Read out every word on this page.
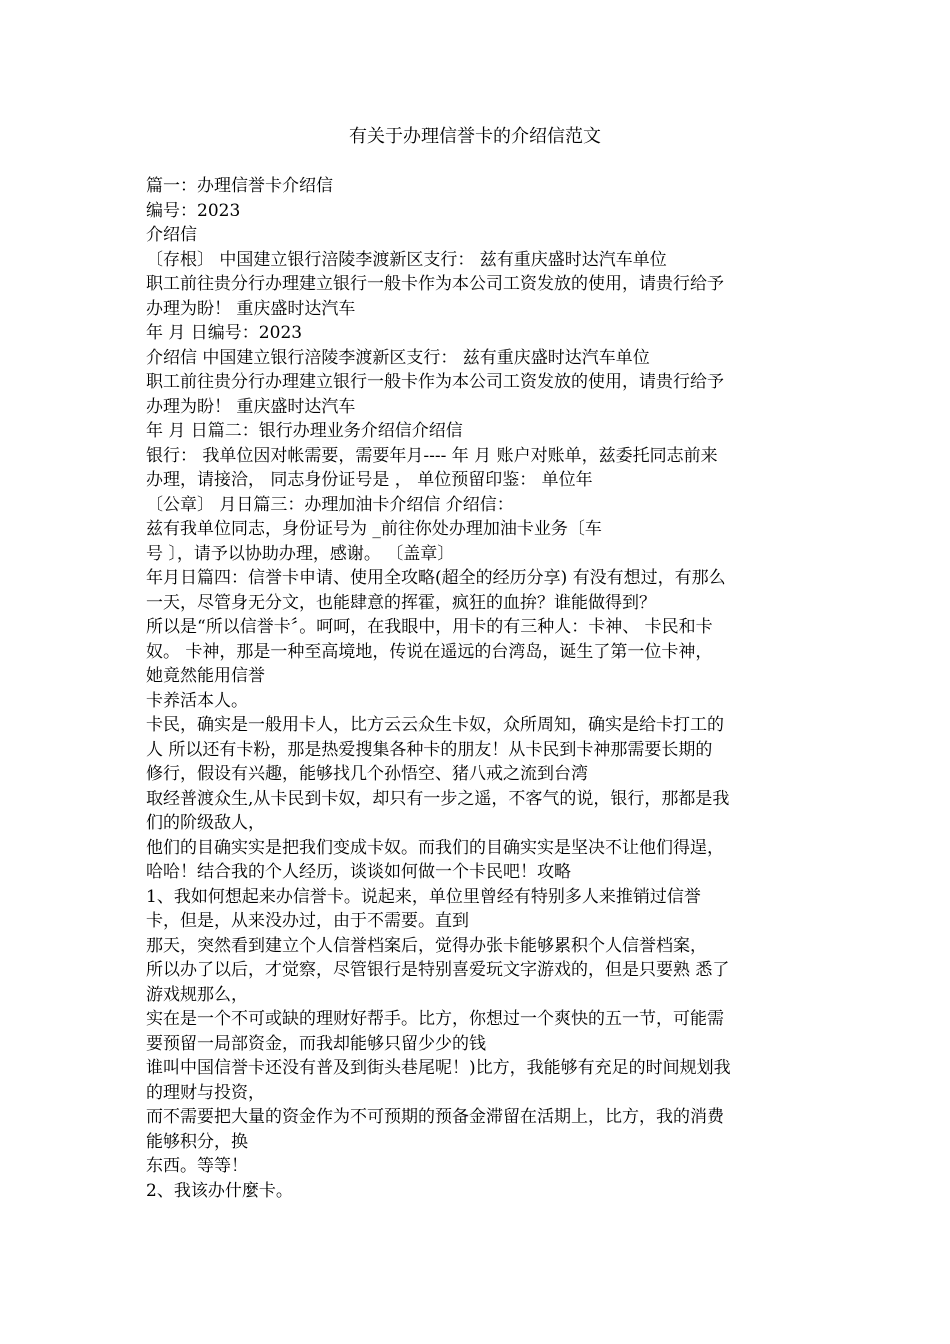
有关于办理信誉卡的介绍信范文
篇一：办理信誉卡介绍信
编号：2023
介绍信
〔存根〕 中国建立银行涪陵李渡新区支行： 兹有重庆盛时达汽车单位
职工前往贵分行办理建立银行一般卡作为本公司工资发放的使用，请贵行给予
办理为盼！ 重庆盛时达汽车
年 月 日编号：2023
介绍信 中国建立银行涪陵李渡新区支行： 兹有重庆盛时达汽车单位
职工前往贵分行办理建立银行一般卡作为本公司工资发放的使用，请贵行给予
办理为盼！ 重庆盛时达汽车
年 月 日篇二：银行办理业务介绍信介绍信
银行： 我单位因对帐需要，需要年月---- 年 月 账户对账单，兹委托同志前来
办理，请接洽， 同志身份证号是 ， 单位预留印鉴： 单位年
〔公章〕 月日篇三：办理加油卡介绍信 介绍信：
兹有我单位同志，身份证号为 _前往你处办理加油卡业务〔车
号 〕，请予以协助办理，感谢。 〔盖章〕
年月日篇四：信誉卡申请、使用全攻略(超全的经历分享) 有没有想过，有那么
一天，尽管身无分文，也能肆意的挥霍，疯狂的血拚？谁能做得到？
所以是“所以信誉卡〞。呵呵，在我眼中，用卡的有三种人：卡神、 卡民和卡
奴。 卡神，那是一种至高境地，传说在遥远的台湾岛，诞生了第一位卡神，
她竟然能用信誉
卡养活本人。
卡民，确实是一般用卡人，比方云云众生卡奴，众所周知，确实是给卡打工的
人 所以还有卡粉，那是热爱搜集各种卡的朋友！从卡民到卡神那需要长期的
修行，假设有兴趣，能够找几个孙悟空、猪八戒之流到台湾
取经普渡众生,从卡民到卡奴，却只有一步之遥，不客气的说，银行，那都是我
们的阶级敌人，
他们的目确实实是把我们变成卡奴。而我们的目确实实是坚决不让他们得逞，
哈哈！结合我的个人经历，谈谈如何做一个卡民吧！攻略
1、我如何想起来办信誉卡。说起来，单位里曾经有特别多人来推销过信誉
卡，但是，从来没办过，由于不需要。直到
那天，突然看到建立个人信誉档案后，觉得办张卡能够累积个人信誉档案，
所以办了以后，才觉察，尽管银行是特别喜爱玩文字游戏的，但是只要熟 悉了
游戏规那么，
实在是一个不可或缺的理财好帮手。比方，你想过一个爽快的五一节，可能需
要预留一局部资金，而我却能够只留少少的钱
谁叫中国信誉卡还没有普及到街头巷尾呢！)比方，我能够有充足的时间规划我
的理财与投资，
而不需要把大量的资金作为不可预期的预备金滞留在活期上，比方，我的消费
能够积分，换
东西。等等！
2、我该办什麼卡。
